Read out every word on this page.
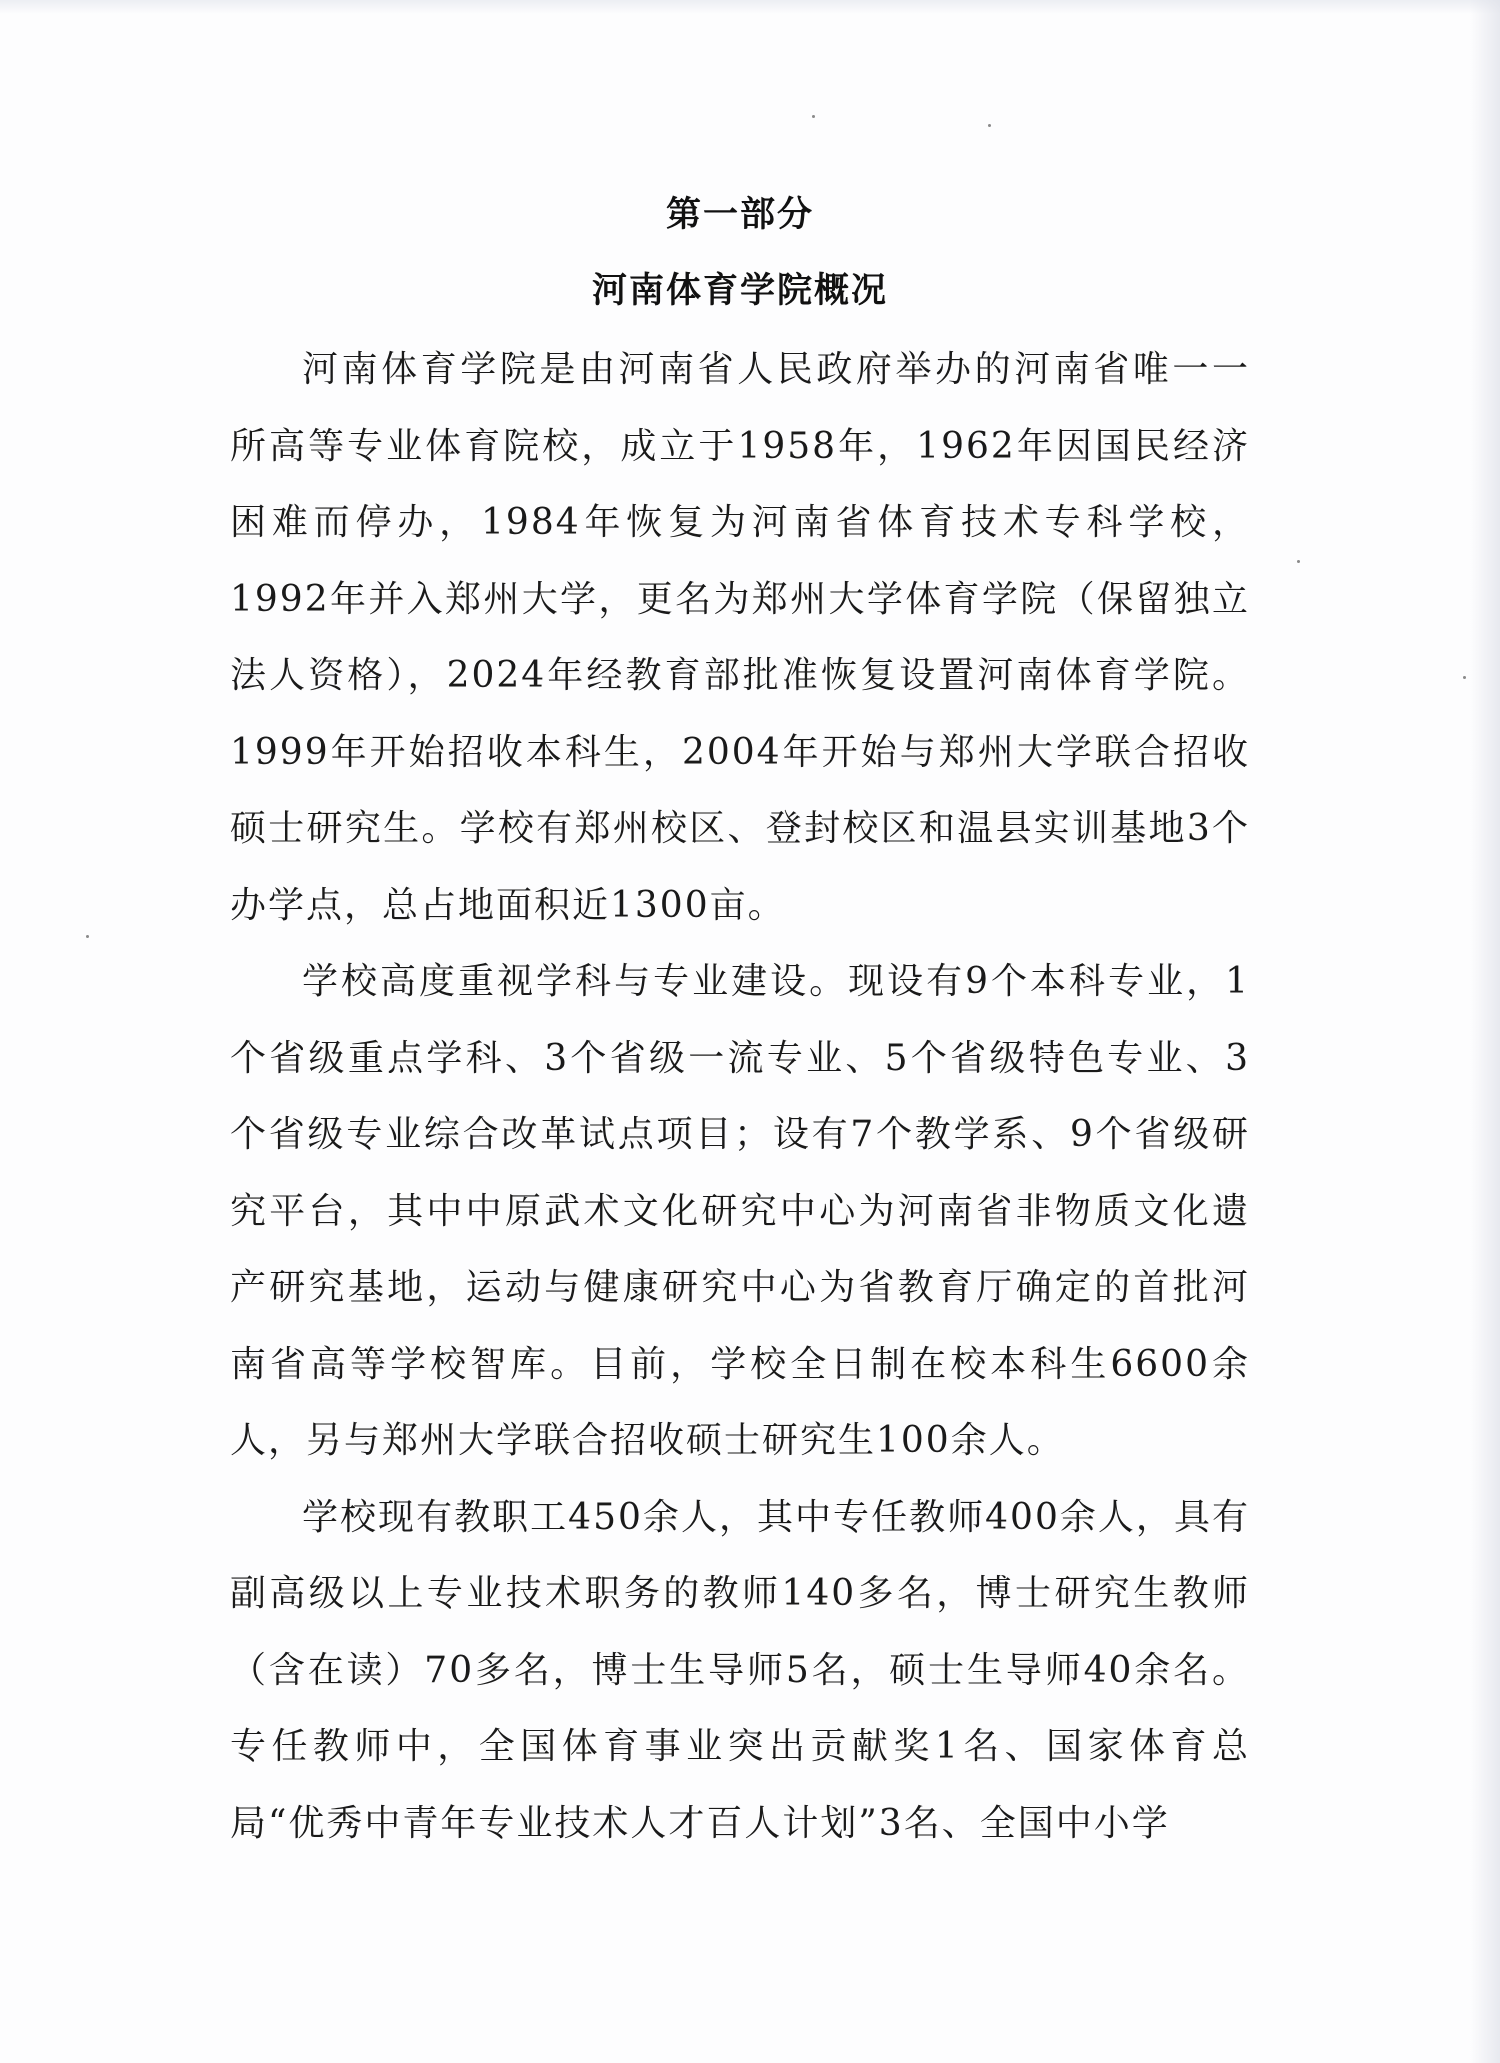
第一部分
河南体育学院概况

河南体育学院是由河南省人民政府举办的河南省唯一一所高等专业体育院校，成立于1958年，1962年因国民经济困难而停办，1984年恢复为河南省体育技术专科学校，1992年并入郑州大学，更名为郑州大学体育学院（保留独立法人资格），2024年经教育部批准恢复设置河南体育学院。1999年开始招收本科生，2004年开始与郑州大学联合招收硕士研究生。学校有郑州校区、登封校区和温县实训基地3个办学点，总占地面积近1300亩。

学校高度重视学科与专业建设。现设有9个本科专业，1个省级重点学科、3个省级一流专业、5个省级特色专业、3个省级专业综合改革试点项目；设有7个教学系、9个省级研究平台，其中中原武术文化研究中心为河南省非物质文化遗产研究基地，运动与健康研究中心为省教育厅确定的首批河南省高等学校智库。目前，学校全日制在校本科生6600余人，另与郑州大学联合招收硕士研究生100余人。

学校现有教职工450余人，其中专任教师400余人，具有副高级以上专业技术职务的教师140多名，博士研究生教师（含在读）70多名，博士生导师5名，硕士生导师40余名。专任教师中，全国体育事业突出贡献奖1名、国家体育总局“优秀中青年专业技术人才百人计划”3名、全国中小学
